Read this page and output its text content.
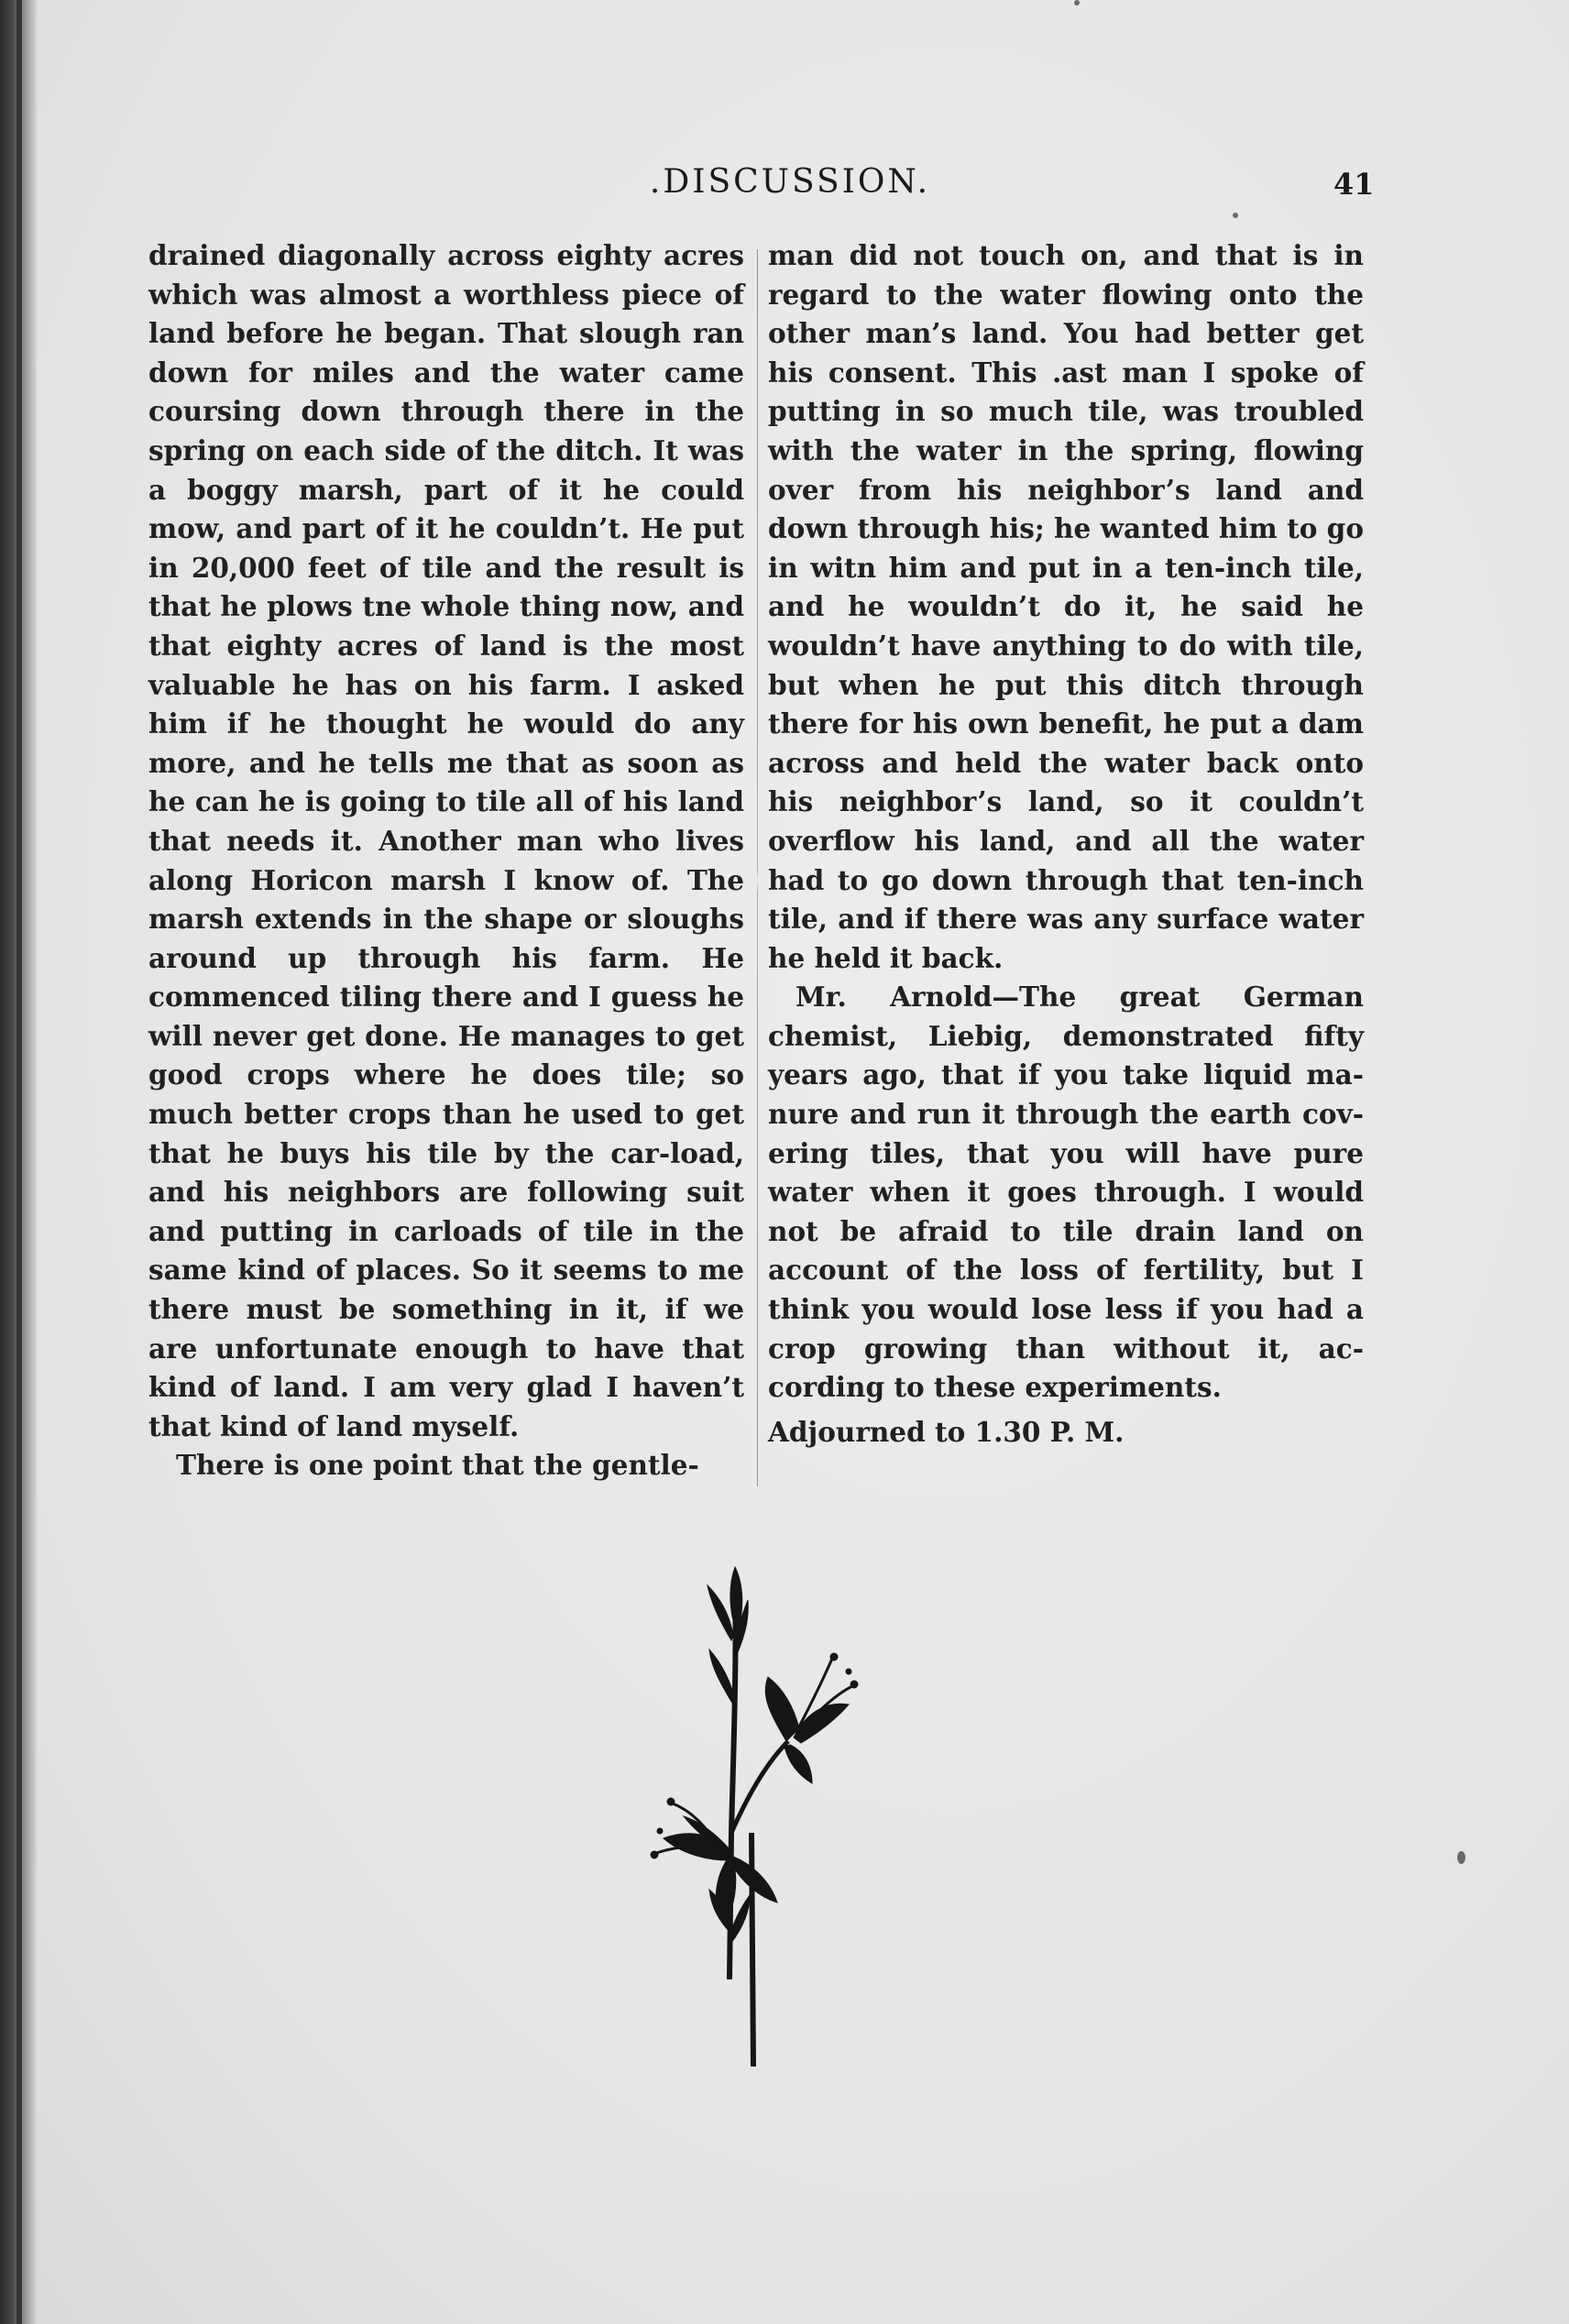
.DISCUSSION.	41

drained diagonally across eighty acres which was almost a worthless piece of land before he began. That slough ran down for miles and the water came coursing down through there in the spring on each side of the ditch. It was a boggy marsh, part of it he could mow, and part of it he couldn’t. He put in 20,000 feet of tile and the result is that he plows tne whole thing now, and that eighty acres of land is the most valuable he has on his farm. I asked him if he thought he would do any more, and he tells me that as soon as he can he is going to tile all of his land that needs it. Another man who lives along Horicon marsh I know of. The marsh extends in the shape or sloughs around up through his farm. He commenced tiling there and I guess he will never get done. He manages to get good crops where he does tile; so much better crops than he used to get that he buys his tile by the car-load, and his neighbors are following suit and putting in carloads of tile in the same kind of places. So it seems to me there must be something in it, if we are unfortunate enough to have that kind of land. I am very glad I haven’t that kind of land myself.

There is one point that the gentle-

man did not touch on, and that is in regard to the water flowing onto the other man’s land. You had better get his consent. This .ast man I spoke of putting in so much tile, was troubled with the water in the spring, flowing over from his neighbor’s land and down through his; he wanted him to go in witn him and put in a ten-inch tile, and he wouldn’t do it, he said he wouldn’t have anything to do with tile, but when he put this ditch through there for his own benefit, he put a dam across and held the water back onto his neighbor’s land, so it couldn’t overflow his land, and all the water had to go down through that ten-inch tile, and if there was any surface water he held it back.

Mr. Arnold—The great German chemist, Liebig, demonstrated fifty years ago, that if you take liquid ma-nure and run it through the earth cov-ering tiles, that you will have pure water when it goes through. I would not be afraid to tile drain land on account of the loss of fertility, but I think you would lose less if you had a crop growing than without it, ac-cording to these experiments.

Adjourned to 1.30 P. M.
